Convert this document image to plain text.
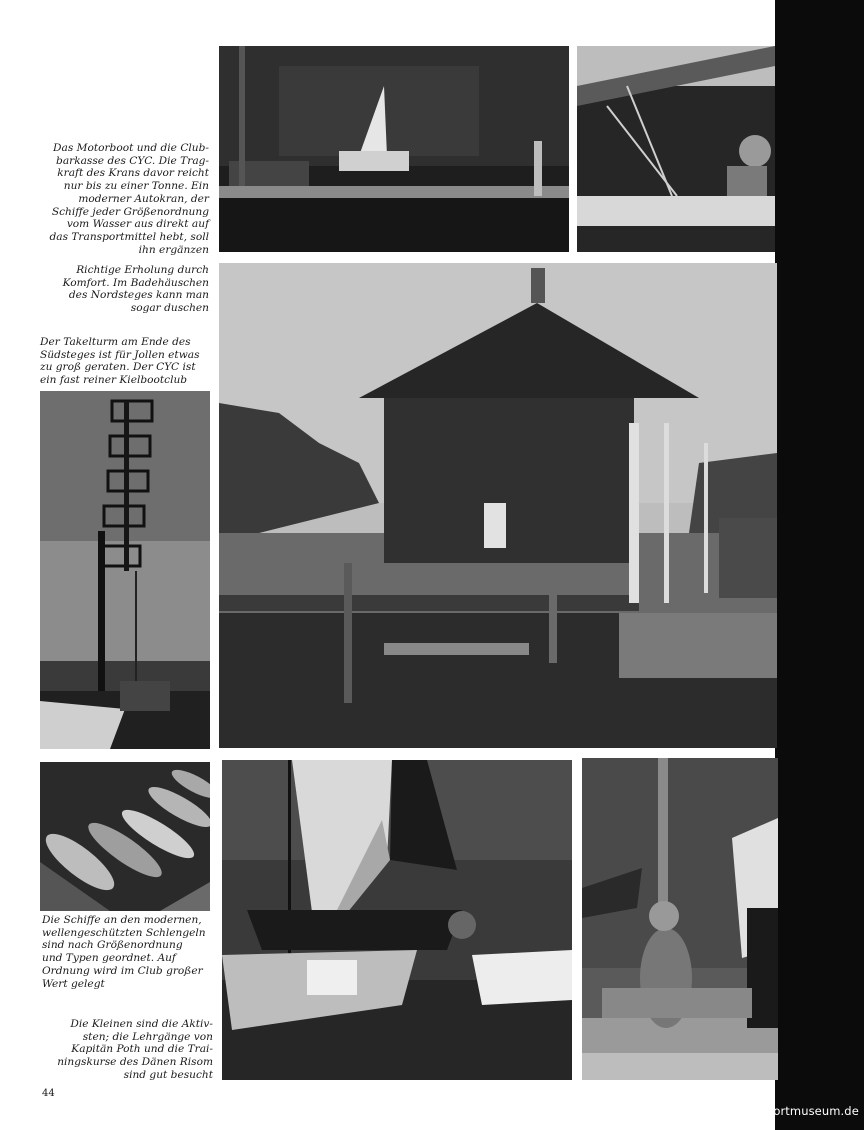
Das Motorboot und die Club-
barkasse des CYC. Die Trag-
kraft des Krans davor reicht
nur bis zu einer Tonne. Ein
moderner Autokran, der
Schiffe jeder Größenordnung
vom Wasser aus direkt auf
das Transportmittel hebt, soll
ihn ergänzen

Richtige Erholung durch
Komfort. Im Badehäuschen
des Nordsteges kann man
sogar duschen

Der Takelturm am Ende des
Südsteges ist für Jollen etwas
zu groß geraten. Der CYC ist
ein fast reiner Kielbootclub

Die Schiffe an den modernen,
wellengeschützten Schlengeln
sind nach Größenordnung
und Typen geordnet. Auf
Ordnung wird im Club großer
Wert gelegt

Die Kleinen sind die Aktiv-
sten; die Lehrgänge von
Kapitän Poth und die Trai-
ningskurse des Dänen Risom
sind gut besucht

44
© yachtsportmuseum.de
